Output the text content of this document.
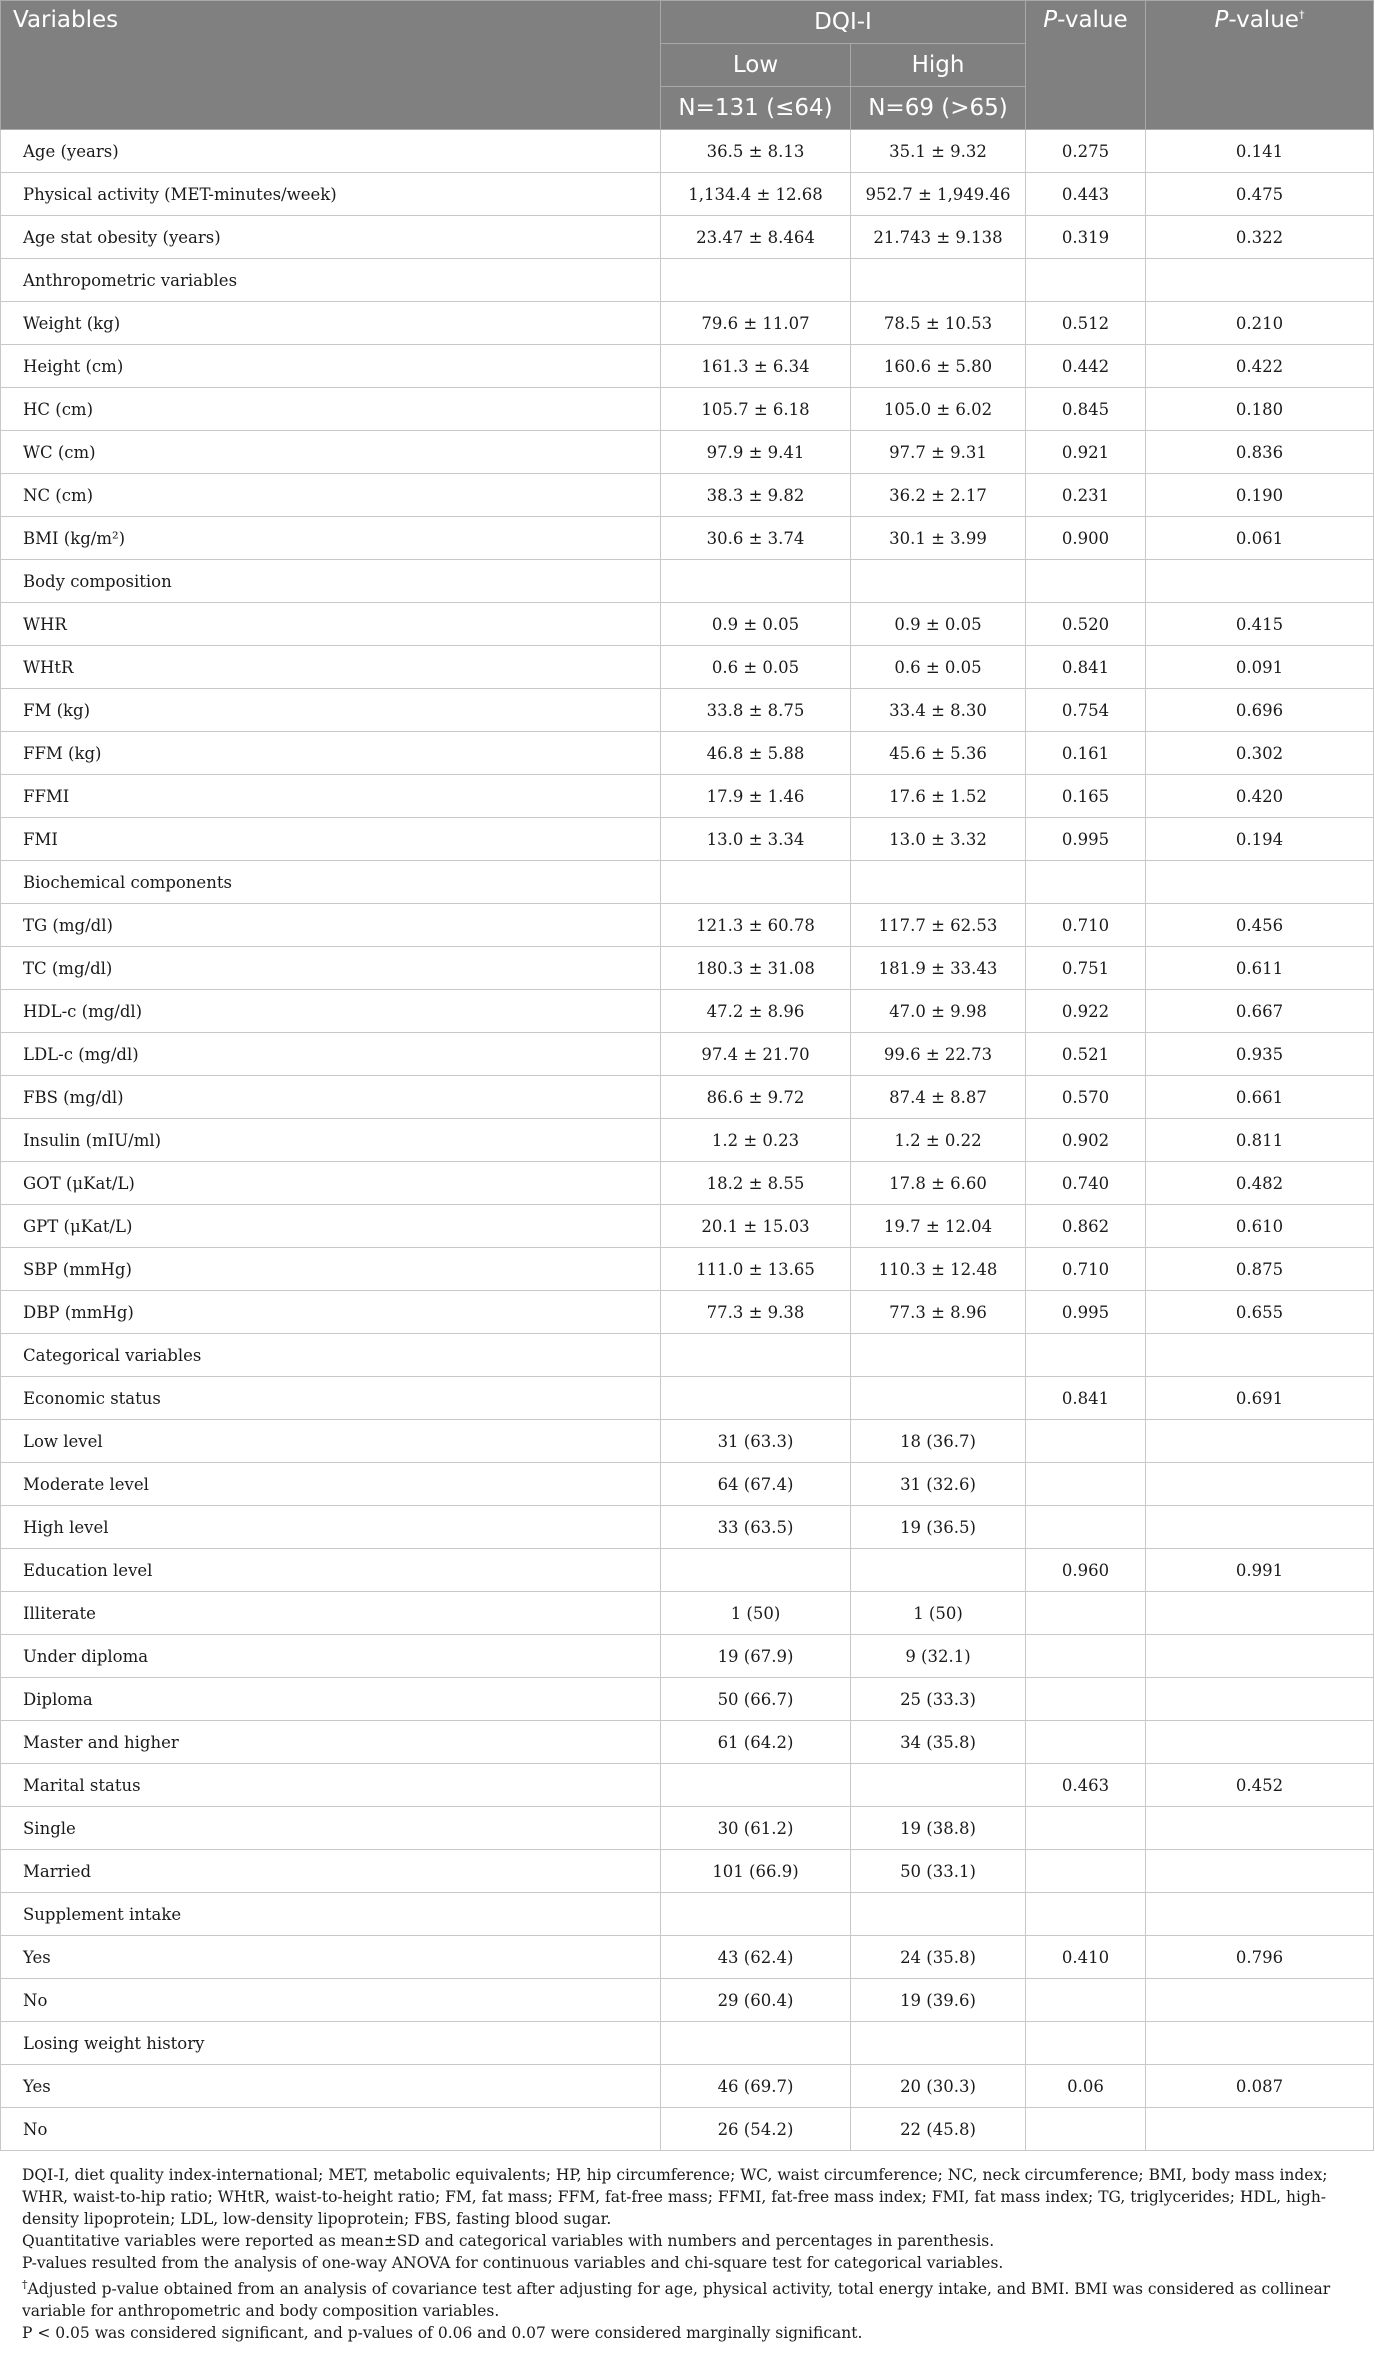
Variables	DQI-I		P-value	P-value†
	Low	High		
	N=131 (≤64)	N=69 (>65)		
Age (years)	36.5 ± 8.13	35.1 ± 9.32	0.275	0.141
Physical activity (MET-minutes/week)	1,134.4 ± 12.68	952.7 ± 1,949.46	0.443	0.475
Age stat obesity (years)	23.47 ± 8.464	21.743 ± 9.138	0.319	0.322
Anthropometric variables				
Weight (kg)	79.6 ± 11.07	78.5 ± 10.53	0.512	0.210
Height (cm)	161.3 ± 6.34	160.6 ± 5.80	0.442	0.422
HC (cm)	105.7 ± 6.18	105.0 ± 6.02	0.845	0.180
WC (cm)	97.9 ± 9.41	97.7 ± 9.31	0.921	0.836
NC (cm)	38.3 ± 9.82	36.2 ± 2.17	0.231	0.190
BMI (kg/m²)	30.6 ± 3.74	30.1 ± 3.99	0.900	0.061
Body composition				
WHR	0.9 ± 0.05	0.9 ± 0.05	0.520	0.415
WHtR	0.6 ± 0.05	0.6 ± 0.05	0.841	0.091
FM (kg)	33.8 ± 8.75	33.4 ± 8.30	0.754	0.696
FFM (kg)	46.8 ± 5.88	45.6 ± 5.36	0.161	0.302
FFMI	17.9 ± 1.46	17.6 ± 1.52	0.165	0.420
FMI	13.0 ± 3.34	13.0 ± 3.32	0.995	0.194
Biochemical components				
TG (mg/dl)	121.3 ± 60.78	117.7 ± 62.53	0.710	0.456
TC (mg/dl)	180.3 ± 31.08	181.9 ± 33.43	0.751	0.611
HDL-c (mg/dl)	47.2 ± 8.96	47.0 ± 9.98	0.922	0.667
LDL-c (mg/dl)	97.4 ± 21.70	99.6 ± 22.73	0.521	0.935
FBS (mg/dl)	86.6 ± 9.72	87.4 ± 8.87	0.570	0.661
Insulin (mIU/ml)	1.2 ± 0.23	1.2 ± 0.22	0.902	0.811
GOT (μKat/L)	18.2 ± 8.55	17.8 ± 6.60	0.740	0.482
GPT (μKat/L)	20.1 ± 15.03	19.7 ± 12.04	0.862	0.610
SBP (mmHg)	111.0 ± 13.65	110.3 ± 12.48	0.710	0.875
DBP (mmHg)	77.3 ± 9.38	77.3 ± 8.96	0.995	0.655
Categorical variables				
Economic status			0.841	0.691
Low level	31 (63.3)	18 (36.7)		
Moderate level	64 (67.4)	31 (32.6)		
High level	33 (63.5)	19 (36.5)		
Education level			0.960	0.991
Illiterate	1 (50)	1 (50)		
Under diploma	19 (67.9)	9 (32.1)		
Diploma	50 (66.7)	25 (33.3)		
Master and higher	61 (64.2)	34 (35.8)		
Marital status			0.463	0.452
Single	30 (61.2)	19 (38.8)		
Married	101 (66.9)	50 (33.1)		
Supplement intake				
Yes	43 (62.4)	24 (35.8)	0.410	0.796
No	29 (60.4)	19 (39.6)		
Losing weight history				
Yes	46 (69.7)	20 (30.3)	0.06	0.087
No	26 (54.2)	22 (45.8)		

DQI-I, diet quality index-international; MET, metabolic equivalents; HP, hip circumference; WC, waist circumference; NC, neck circumference; BMI, body mass index; WHR, waist-to-hip ratio; WHtR, waist-to-height ratio; FM, fat mass; FFM, fat-free mass; FFMI, fat-free mass index; FMI, fat mass index; TG, triglycerides; HDL, high-density lipoprotein; LDL, low-density lipoprotein; FBS, fasting blood sugar.

Quantitative variables were reported as mean±SD and categorical variables with numbers and percentages in parenthesis.

P-values resulted from the analysis of one-way ANOVA for continuous variables and chi-square test for categorical variables.

†Adjusted p-value obtained from an analysis of covariance test after adjusting for age, physical activity, total energy intake, and BMI. BMI was considered as collinear variable for anthropometric and body composition variables.

P < 0.05 was considered significant, and p-values of 0.06 and 0.07 were considered marginally significant.
